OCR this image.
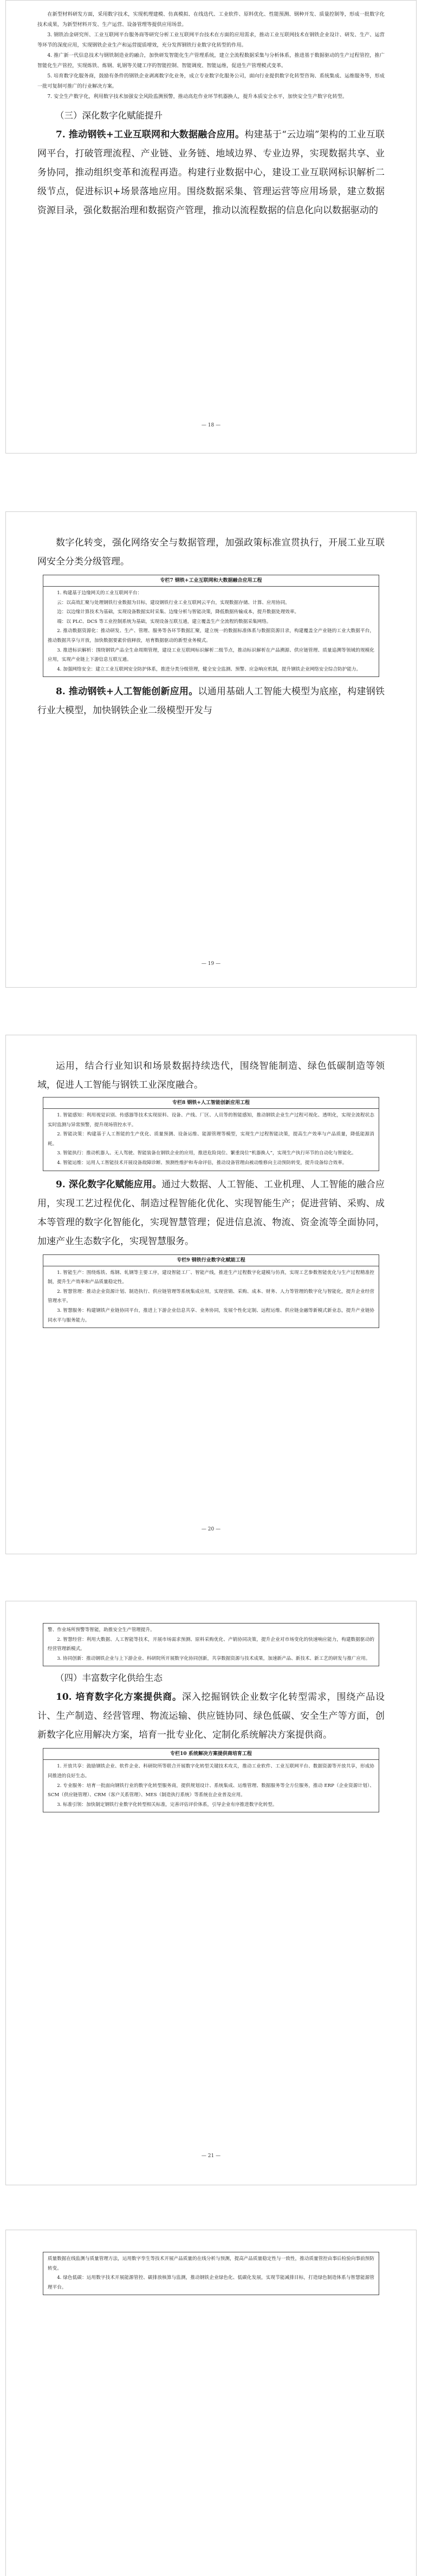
在新型材料研发方面，采用数字技术，实现机理建模、仿真模拟、在线迭代、工业软件、原料优化、性能预测、钢种开发、质量控制等，形成一批数字化技术成果，为新型材料开发、生产运营、设备管理等提供应用场景。

3. 钢铁冶金研究所、工业互联网平台服务商等研究分析工业互联网平台技术在方面的应用需求，推动工业互联网技术在钢铁企业设计、研发、生产、运营等环节的深度应用，实现钢铁企业生产和运营提质增效，充分发挥钢铁行业数字化转型的作用。

4. 推广新一代信息技术与钢铁制造业的融合，加快研发智能化生产管理系统，建立全流程数据采集与分析体系，推进基于数据驱动的生产过程管控，推广智能化生产管控，实现炼铁、炼钢、轧钢等关键工序的智能控制、智能调度、智能运维，促进生产管理模式变革。

5. 培育数字化服务商，鼓励有条件的钢铁企业剥离数字化业务，成立专业数字化服务公司，面向行业提供数字化转型咨询、系统集成、运维服务等，形成一批可复制可推广的行业解决方案。

7. 安全生产数字化，利用数字技术加强安全风险监测预警，推动高危作业环节机器换人，提升本质安全水平，加快安全生产数字化转型。

（三）深化数字化赋能提升

7. 推动钢铁+工业互联网和大数据融合应用。构建基于“云边端”架构的工业互联网平台，打破管理流程、产业链、业务链、地域边界、专业边界，实现数据共享、业务协同，推动组织变革和流程再造。构建行业数据中心，建设工业互联网标识解析二级节点，促进标识+场景落地应用。围绕数据采集、管理运营等应用场景，建立数据资源目录，强化数据治理和数据资产管理，推动以流程数据的信息化向以数据驱动的

— 18 —

数字化转变，强化网络安全与数据管理，加强政策标准宣贯执行，开展工业互联网安全分类分级管理。

专栏7 钢铁+工业互联网和大数据融合应用工程

1. 构建基于边缘网关的工业互联网平台：

云：以高效汇聚与处理钢铁行业数据为目标，建设钢铁行业工业互联网云平台，实现数据存储、计算、应用协同。

边：以边缘计算技术为基础，实现设备数据实时采集、边缘分析与智能决策，降低数据传输成本，提升数据处理效率。

端：以 PLC、DCS 等工业控制系统为基础，实现设备互联互通，建立覆盖生产全流程的数据采集网络。

2. 推动数据资源化：推动研发、生产、管理、服务等各环节数据汇聚，建立统一的数据标准体系与数据资源目录，构建覆盖全产业链的工业大数据平台，推动数据共享与开放，加快数据要素价值释放，培育数据驱动的新型业务模式。

3. 推进标识解析：围绕钢铁产品全生命周期管理，建设工业互联网标识解析二级节点，推动标识解析在产品溯源、供应链管理、质量追溯等领域的规模化应用，实现产业链上下游信息互联互通。

4. 加强网络安全：建立工业互联网安全防护体系，推进分类分级管理，健全安全监测、预警、应急响应机制，提升钢铁企业网络安全综合防护能力。

8. 推动钢铁+人工智能创新应用。以通用基础人工智能大模型为底座，构建钢铁行业大模型，加快钢铁企业二级模型开发与

— 19 —

运用，结合行业知识和场景数据持续迭代，围绕智能制造、绿色低碳制造等领域，促进人工智能与钢铁工业深度融合。

专栏8 钢铁+人工智能创新应用工程

1. 智能感知：利用视觉识别、传感器等技术实现原料、设备、产线、厂区、人员等的智能感知，推动钢铁企业生产过程可视化、透明化，实现全流程状态实时监测与异常预警，提升现场管控水平。

2. 智能决策：构建基于人工智能的生产优化、质量预测、设备运维、能源管理等模型，实现生产过程智能决策，提高生产效率与产品质量，降低能源消耗。

3. 智能执行：推动机器人、无人驾驶、智能装备在钢铁企业的应用，推进危险岗位、繁重岗位“机器换人”，实现生产执行环节的自动化与智能化。

4. 智能运维：运用人工智能技术开展设备故障诊断、预测性维护和寿命评估，推动设备管理由被动维修向主动预防转变，提升设备综合效率。

9. 深化数字化赋能应用。通过大数据、人工智能、工业机理、人工智能的融合应用，实现工艺过程优化、制造过程智能化优化、实现智能生产；促进营销、采购、成本等管理的数字化智能化，实现智慧管理；促进信息流、物流、资金流等全面协同，加速产业生态数字化，实现智慧服务。

专栏9 钢铁行业数字化赋能工程

1. 智能生产：围绕炼铁、炼钢、轧钢等主要工序，建设智能工厂、智能产线，推进生产过程数字化建模与仿真，实现工艺参数智能优化与生产过程精准控制，提升生产效率和产品质量稳定性。

2. 智慧管理：推动企业资源计划、制造执行、供应链管理等系统集成应用，实现营销、采购、成本、财务、人力等管理的数字化与智能化，提升企业经营管理水平。

3. 智慧服务：构建钢铁产业链协同平台，推进上下游企业信息共享、业务协同，发展个性化定制、远程运维、供应链金融等新模式新业态，提升产业链协同水平与服务能力。

— 20 —

警、作业场所预警等智能，助推安全生产管理提升。

2. 智慧经营：利用大数据、人工智能等技术，开展市场需求预测、原料采购优化、产销协同决策，提升企业对市场变化的快速响应能力，构建数据驱动的经营管理新模式。

3. 协同创新：推动钢铁企业与上下游企业、科研院所开展数字化协同创新，共享数据资源与技术成果，加速新产品、新技术、新工艺的研发与推广应用。

（四）丰富数字化供给生态

10. 培育数字化方案提供商。深入挖掘钢铁企业数字化转型需求，围绕产品设计、生产制造、经营管理、物流运输、供应链协同、绿色低碳、安全生产等方面，创新数字化应用解决方案，培育一批专业化、定制化系统解决方案提供商。

专栏10 系统解决方案提供商培育工程

1. 开放共享：鼓励钢铁企业、软件企业、科研院所等联合开展数字化转型关键技术攻关，推动工业软件、工业互联网平台、数据资源等开放共享，形成协同推进的良好生态。

2. 专业服务：培育一批面向钢铁行业的数字化转型服务商，提供规划设计、系统集成、运维管理、数据服务等全方位服务，推动 ERP（企业资源计划）、SCM（供应链管理）、CRM（客户关系管理）、MES（制造执行系统）等系统在企业普及应用。

3. 标准引领：加快制定钢铁行业数字化转型相关标准，完善评估评价体系，引导企业有序推进数字化转型。

— 21 —

质量数据在线监测与质量管理方法，运用数字孪生等技术开展产品质量的在线分析与预测，提高产品质量稳定性与一致性，推动质量管控由事后检验向事前预防转变。

4. 绿色低碳：运用数字技术开展能源管控、碳排放核算与监测，推动钢铁企业绿色化、低碳化发展，实现节能减排目标，打造绿色制造体系与智慧能源管理平台。
